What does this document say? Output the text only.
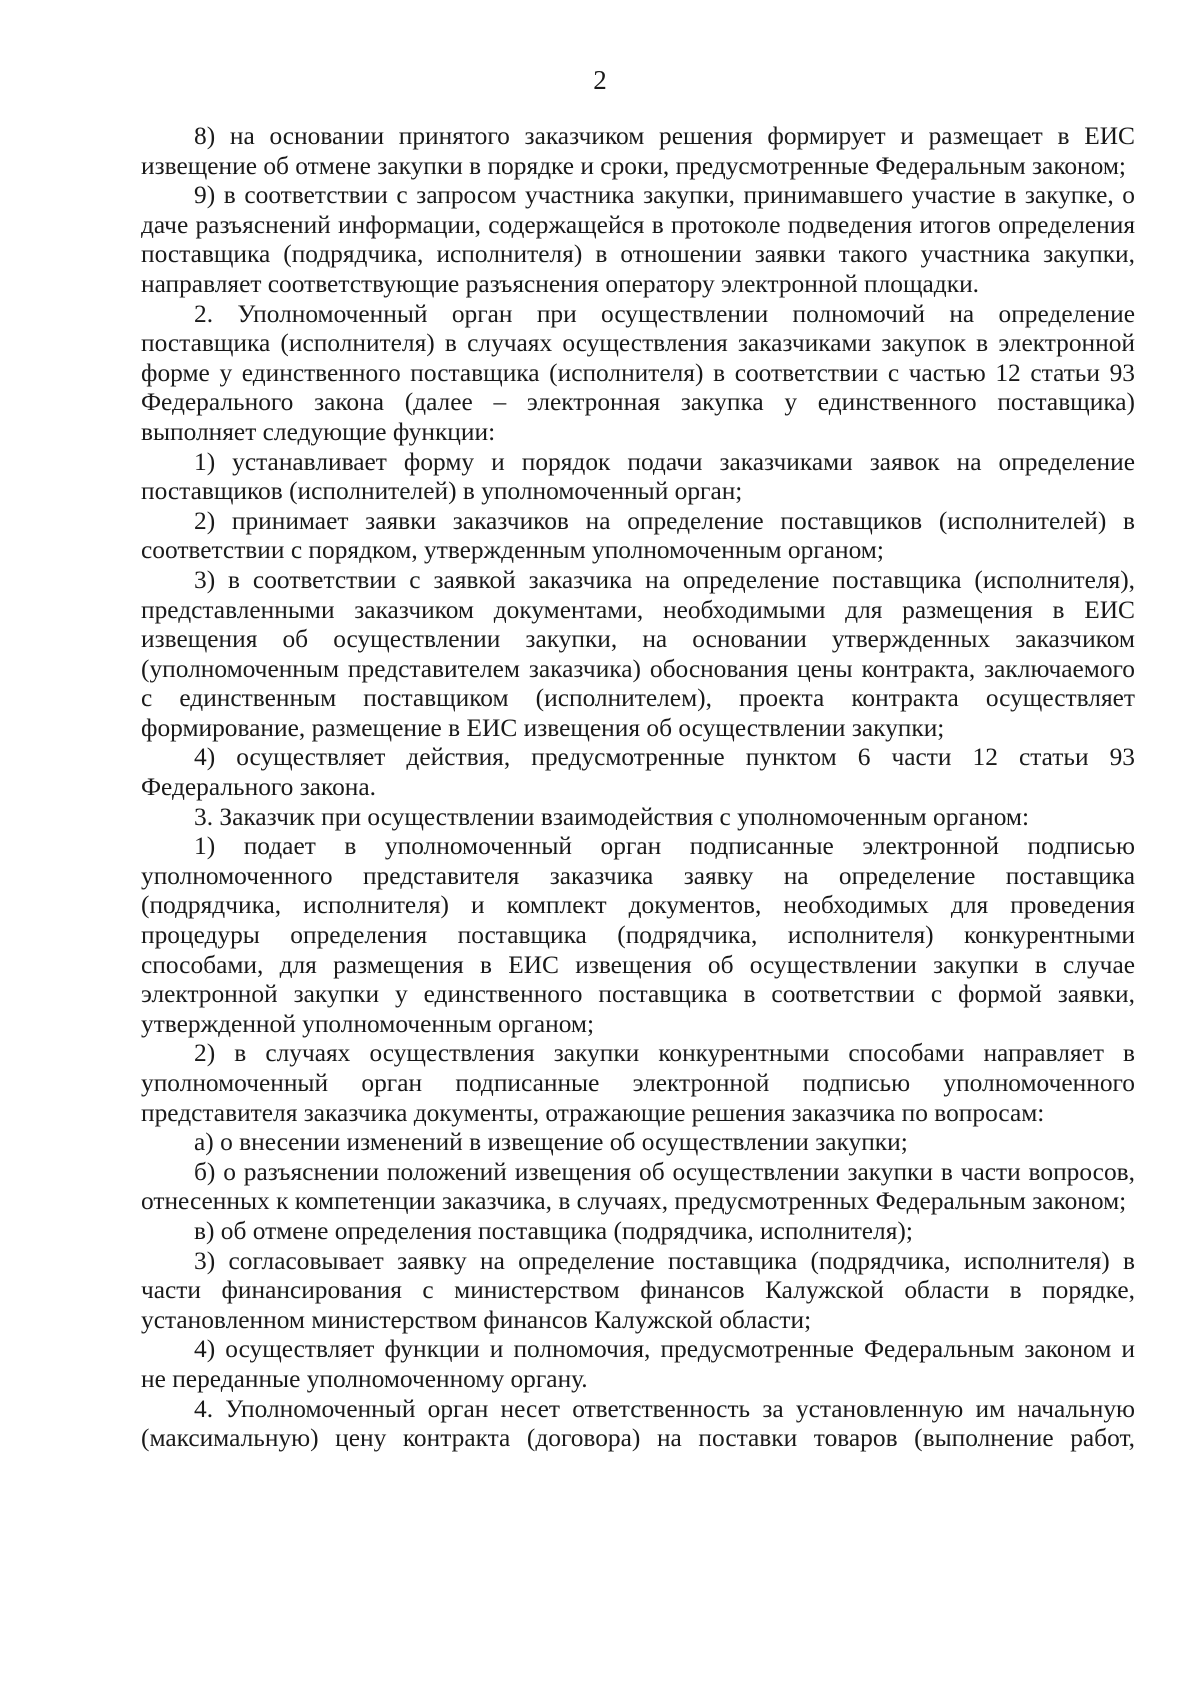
2

8) на основании принятого заказчиком решения формирует и размещает в ЕИС извещение об отмене закупки в порядке и сроки, предусмотренные Федеральным законом;

9) в соответствии с запросом участника закупки, принимавшего участие в закупке, о даче разъяснений информации, содержащейся в протоколе подведения итогов определения поставщика (подрядчика, исполнителя) в отношении заявки такого участника закупки, направляет соответствующие разъяснения оператору электронной площадки.

2. Уполномоченный орган при осуществлении полномочий на определение поставщика (исполнителя) в случаях осуществления заказчиками закупок в электронной форме у единственного поставщика (исполнителя) в соответствии с частью 12 статьи 93 Федерального закона (далее – электронная закупка у единственного поставщика) выполняет следующие функции:

1) устанавливает форму и порядок подачи заказчиками заявок на определение поставщиков (исполнителей) в уполномоченный орган;

2) принимает заявки заказчиков на определение поставщиков (исполнителей) в соответствии с порядком, утвержденным уполномоченным органом;

3) в соответствии с заявкой заказчика на определение поставщика (исполнителя), представленными заказчиком документами, необходимыми для размещения в ЕИС извещения об осуществлении закупки, на основании утвержденных заказчиком (уполномоченным представителем заказчика) обоснования цены контракта, заключаемого с единственным поставщиком (исполнителем), проекта контракта осуществляет формирование, размещение в ЕИС извещения об осуществлении закупки;

4) осуществляет действия, предусмотренные пунктом 6 части 12 статьи 93 Федерального закона.

3. Заказчик при осуществлении взаимодействия с уполномоченным органом:

1) подает в уполномоченный орган подписанные электронной подписью уполномоченного представителя заказчика заявку на определение поставщика (подрядчика, исполнителя) и комплект документов, необходимых для проведения процедуры определения поставщика (подрядчика, исполнителя) конкурентными способами, для размещения в ЕИС извещения об осуществлении закупки в случае электронной закупки у единственного поставщика в соответствии с формой заявки, утвержденной уполномоченным органом;

2) в случаях осуществления закупки конкурентными способами направляет в уполномоченный орган подписанные электронной подписью уполномоченного представителя заказчика документы, отражающие решения заказчика по вопросам:

а) о внесении изменений в извещение об осуществлении закупки;

б) о разъяснении положений извещения об осуществлении закупки в части вопросов, отнесенных к компетенции заказчика, в случаях, предусмотренных Федеральным законом;

в) об отмене определения поставщика (подрядчика, исполнителя);

3) согласовывает заявку на определение поставщика (подрядчика, исполнителя) в части финансирования с министерством финансов Калужской области в порядке, установленном министерством финансов Калужской области;

4) осуществляет функции и полномочия, предусмотренные Федеральным законом и не переданные уполномоченному органу.

4. Уполномоченный орган несет ответственность за установленную им начальную (максимальную) цену контракта (договора) на поставки товаров (выполнение работ,
